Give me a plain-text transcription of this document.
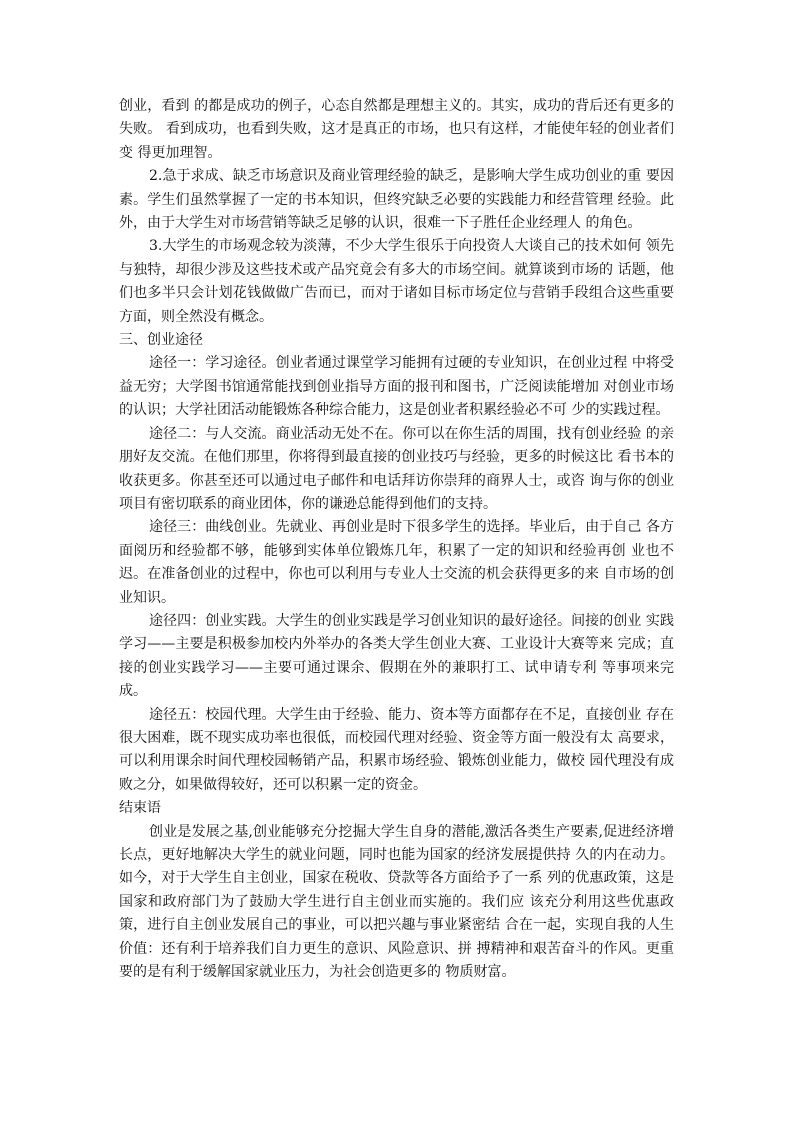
创业，看到 的都是成功的例子，心态自然都是理想主义的。其实，成功的背后还有更多的失败。 看到成功，也看到失败，这才是真正的市场，也只有这样，才能使年轻的创业者们变 得更加理智。

2.急于求成、缺乏市场意识及商业管理经验的缺乏，是影响大学生成功创业的重 要因素。学生们虽然掌握了一定的书本知识，但终究缺乏必要的实践能力和经营管理 经验。此外，由于大学生对市场营销等缺乏足够的认识，很难一下子胜任企业经理人 的角色。

3.大学生的市场观念较为淡薄，不少大学生很乐于向投资人大谈自己的技术如何 领先与独特，却很少涉及这些技术或产品究竟会有多大的市场空间。就算谈到市场的 话题，他们也多半只会计划花钱做做广告而已，而对于诸如目标市场定位与营销手段组合这些重要方面，则全然没有概念。

三、创业途径

途径一：学习途径。创业者通过课堂学习能拥有过硬的专业知识，在创业过程 中将受益无穷；大学图书馆通常能找到创业指导方面的报刊和图书，广泛阅读能增加 对创业市场的认识；大学社团活动能锻炼各种综合能力，这是创业者积累经验必不可 少的实践过程。

途径二：与人交流。商业活动无处不在。你可以在你生活的周围，找有创业经验 的亲朋好友交流。在他们那里，你将得到最直接的创业技巧与经验，更多的时候这比 看书本的收获更多。你甚至还可以通过电子邮件和电话拜访你崇拜的商界人士，或咨 询与你的创业项目有密切联系的商业团体，你的谦逊总能得到他们的支持。

途径三：曲线创业。先就业、再创业是时下很多学生的选择。毕业后，由于自己 各方面阅历和经验都不够，能够到实体单位锻炼几年，积累了一定的知识和经验再创 业也不迟。在准备创业的过程中，你也可以利用与专业人士交流的机会获得更多的来 自市场的创业知识。

途径四：创业实践。大学生的创业实践是学习创业知识的最好途径。间接的创业 实践学习——主要是积极参加校内外举办的各类大学生创业大赛、工业设计大赛等来 完成；直接的创业实践学习——主要可通过课余、假期在外的兼职打工、试申请专利 等事项来完成。

途径五：校园代理。大学生由于经验、能力、资本等方面都存在不足，直接创业 存在很大困难，既不现实成功率也很低，而校园代理对经验、资金等方面一般没有太 高要求，可以利用课余时间代理校园畅销产品，积累市场经验、锻炼创业能力，做校 园代理没有成败之分，如果做得较好，还可以积累一定的资金。

结束语

创业是发展之基,创业能够充分挖掘大学生自身的潜能,激活各类生产要素,促进经济增长点，更好地解决大学生的就业问题，同时也能为国家的经济发展提供持 久的内在动力。如今，对于大学生自主创业，国家在税收、贷款等各方面给予了一系 列的优惠政策，这是国家和政府部门为了鼓励大学生进行自主创业而实施的。我们应 该充分利用这些优惠政策，进行自主创业发展自己的事业，可以把兴趣与事业紧密结 合在一起，实现自我的人生价值：还有利于培养我们自力更生的意识、风险意识、拼 搏精神和艰苦奋斗的作风。更重要的是有利于缓解国家就业压力，为社会创造更多的 物质财富。
